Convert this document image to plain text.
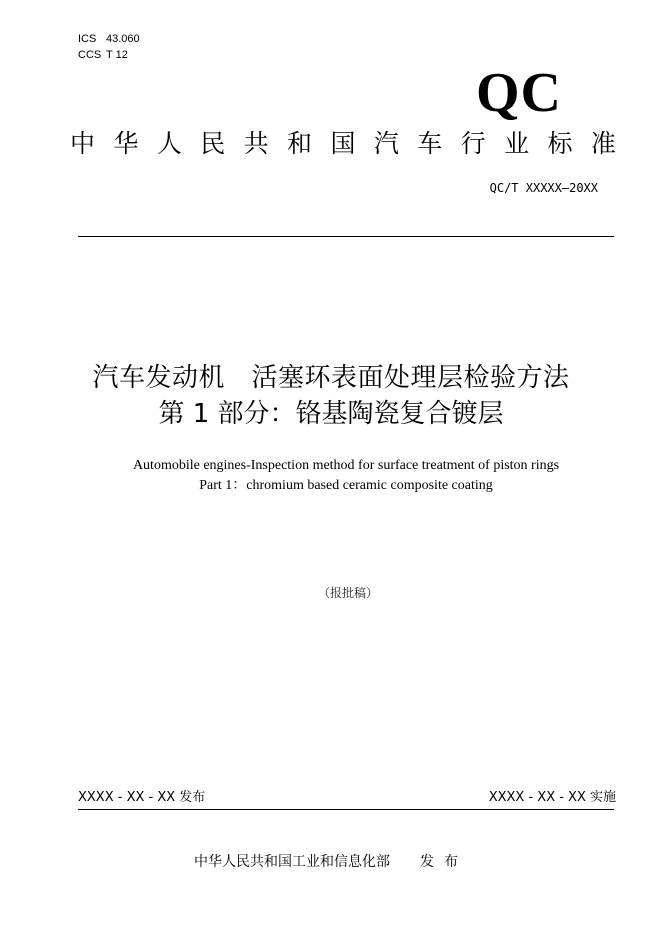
ICS 43.060
CCS T 12
QC
中 华 人 民 共 和 国 汽 车 行 业 标 准
QC/T XXXXX—20XX
汽车发动机　活塞环表面处理层检验方法
第 1 部分：铬基陶瓷复合镀层
Automobile engines-Inspection method for surface treatment of piston rings
Part 1：chromium based ceramic composite coating
（报批稿）
XXXX - XX - XX 发布	XXXX - XX - XX 实施
中华人民共和国工业和信息化部 发布
